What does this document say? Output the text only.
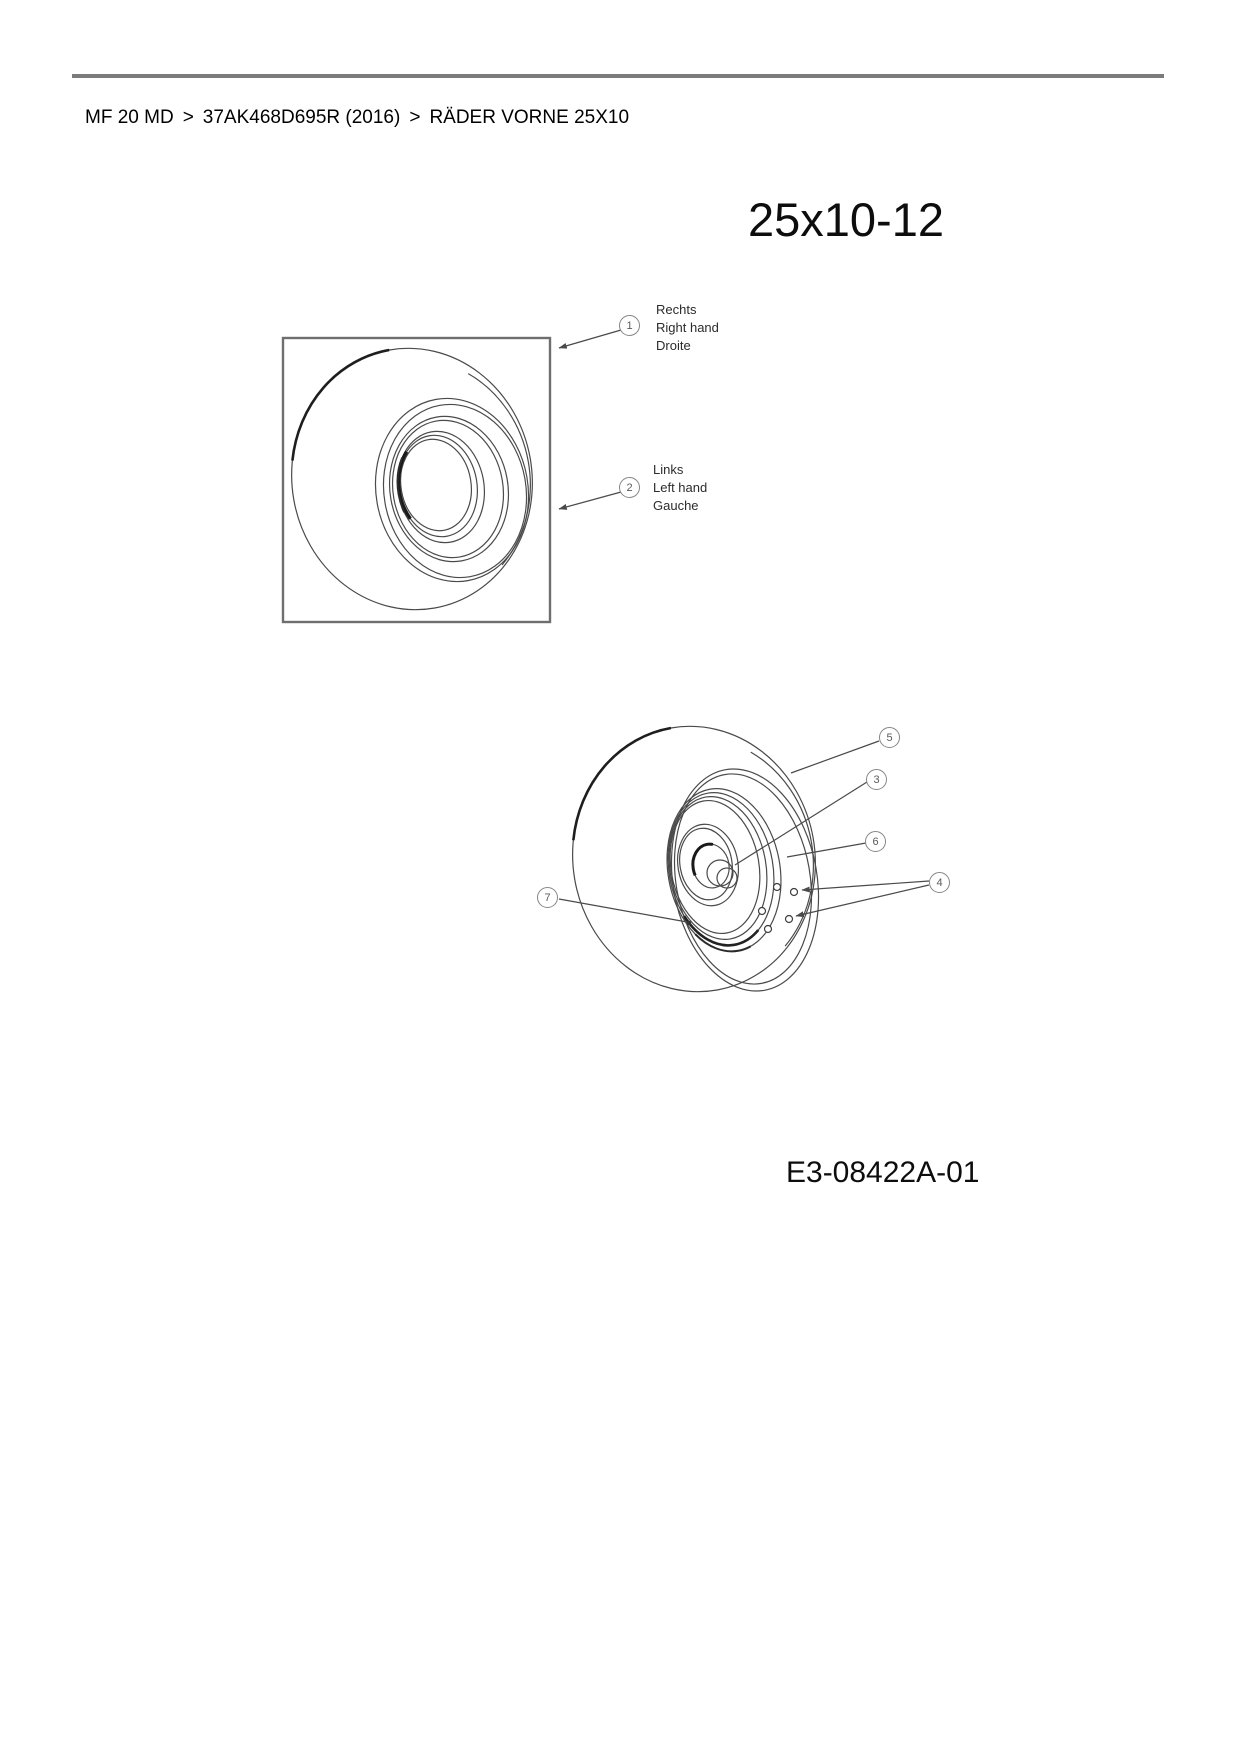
MF 20 MD > 37AK468D695R (2016) > RÄDER VORNE 25X10
25x10-12
1
2
Rechts
Right hand
Droite
Links
Left hand
Gauche
5
3
6
4
7
E3-08422A-01
